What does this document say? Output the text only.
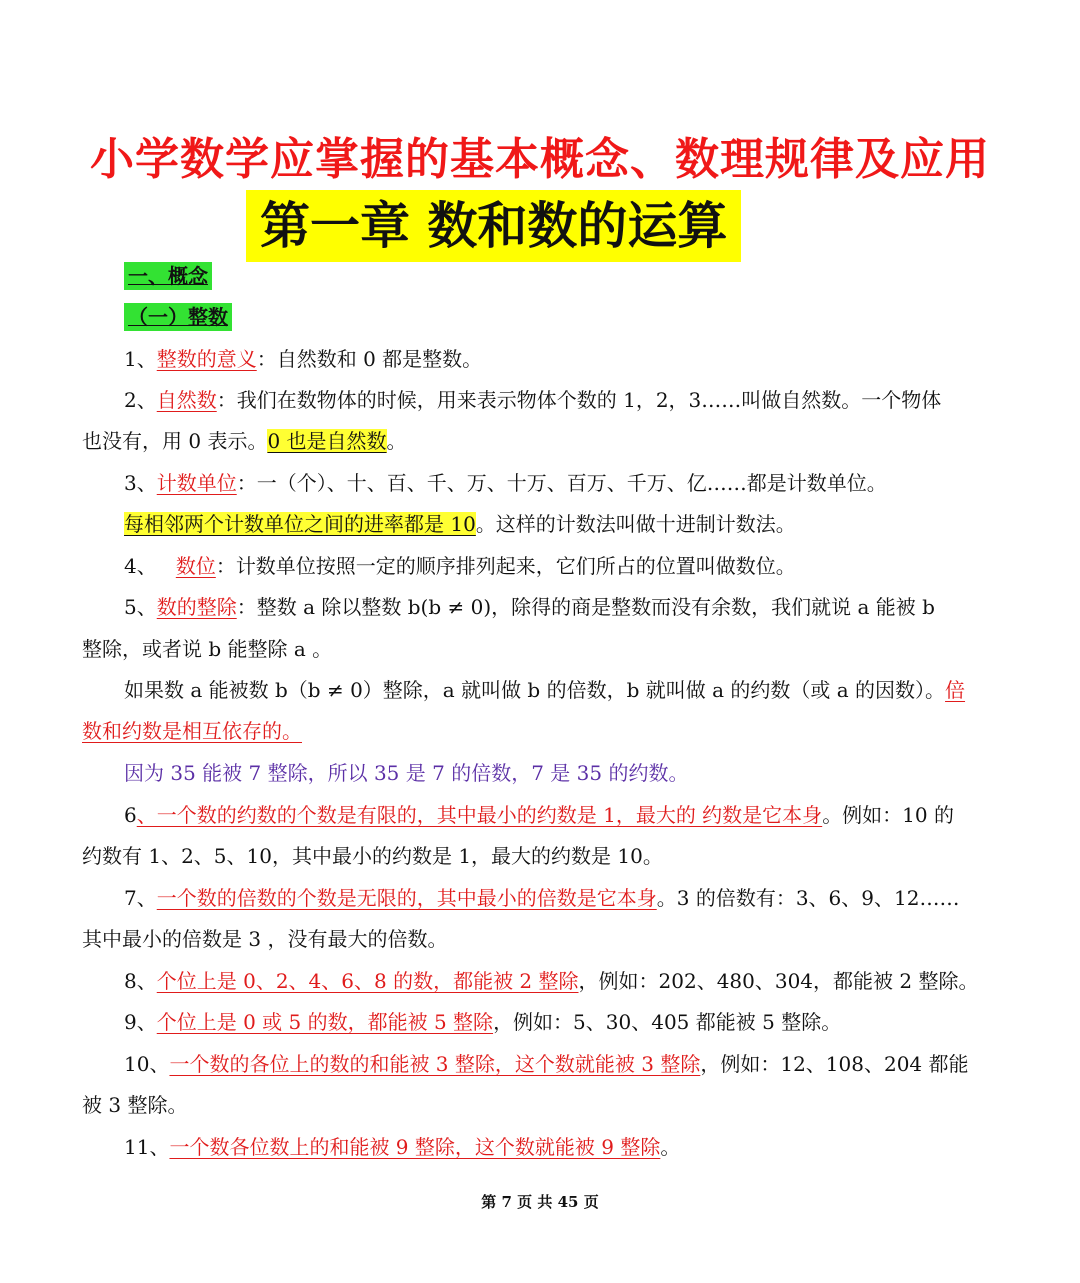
小学数学应掌握的基本概念、数理规律及应用
第一章 数和数的运算
一、概念
（一）整数
1、整数的意义：自然数和 0 都是整数。
2、自然数：我们在数物体的时候，用来表示物体个数的 1，2，3……叫做自然数。一个物体
也没有，用 0 表示。0 也是自然数。
3、计数单位：一（个）、十、百、千、万、十万、百万、千万、亿……都是计数单位。
每相邻两个计数单位之间的进率都是 10。这样的计数法叫做十进制计数法。
4、 数位：计数单位按照一定的顺序排列起来，它们所占的位置叫做数位。
5、数的整除：整数 a 除以整数 b(b ≠ 0)，除得的商是整数而没有余数，我们就说 a 能被 b
整除，或者说 b 能整除 a 。
如果数 a 能被数 b（b ≠ 0）整除，a 就叫做 b 的倍数，b 就叫做 a 的约数（或 a 的因数）。倍
数和约数是相互依存的。
因为 35 能被 7 整除，所以 35 是 7 的倍数，7 是 35 的约数。
6、一个数的约数的个数是有限的，其中最小的约数是 1，最大的 约数是它本身。例如：10 的
约数有 1、2、5、10，其中最小的约数是 1，最大的约数是 10。
7、一个数的倍数的个数是无限的，其中最小的倍数是它本身。3 的倍数有：3、6、9、12……
其中最小的倍数是 3 ，没有最大的倍数。
8、个位上是 0、2、4、6、8 的数，都能被 2 整除，例如：202、480、304，都能被 2 整除。
9、个位上是 0 或 5 的数，都能被 5 整除，例如：5、30、405 都能被 5 整除。
10、一个数的各位上的数的和能被 3 整除，这个数就能被 3 整除，例如：12、108、204 都能
被 3 整除。
11、一个数各位数上的和能被 9 整除，这个数就能被 9 整除。
第 7 页 共 45 页
